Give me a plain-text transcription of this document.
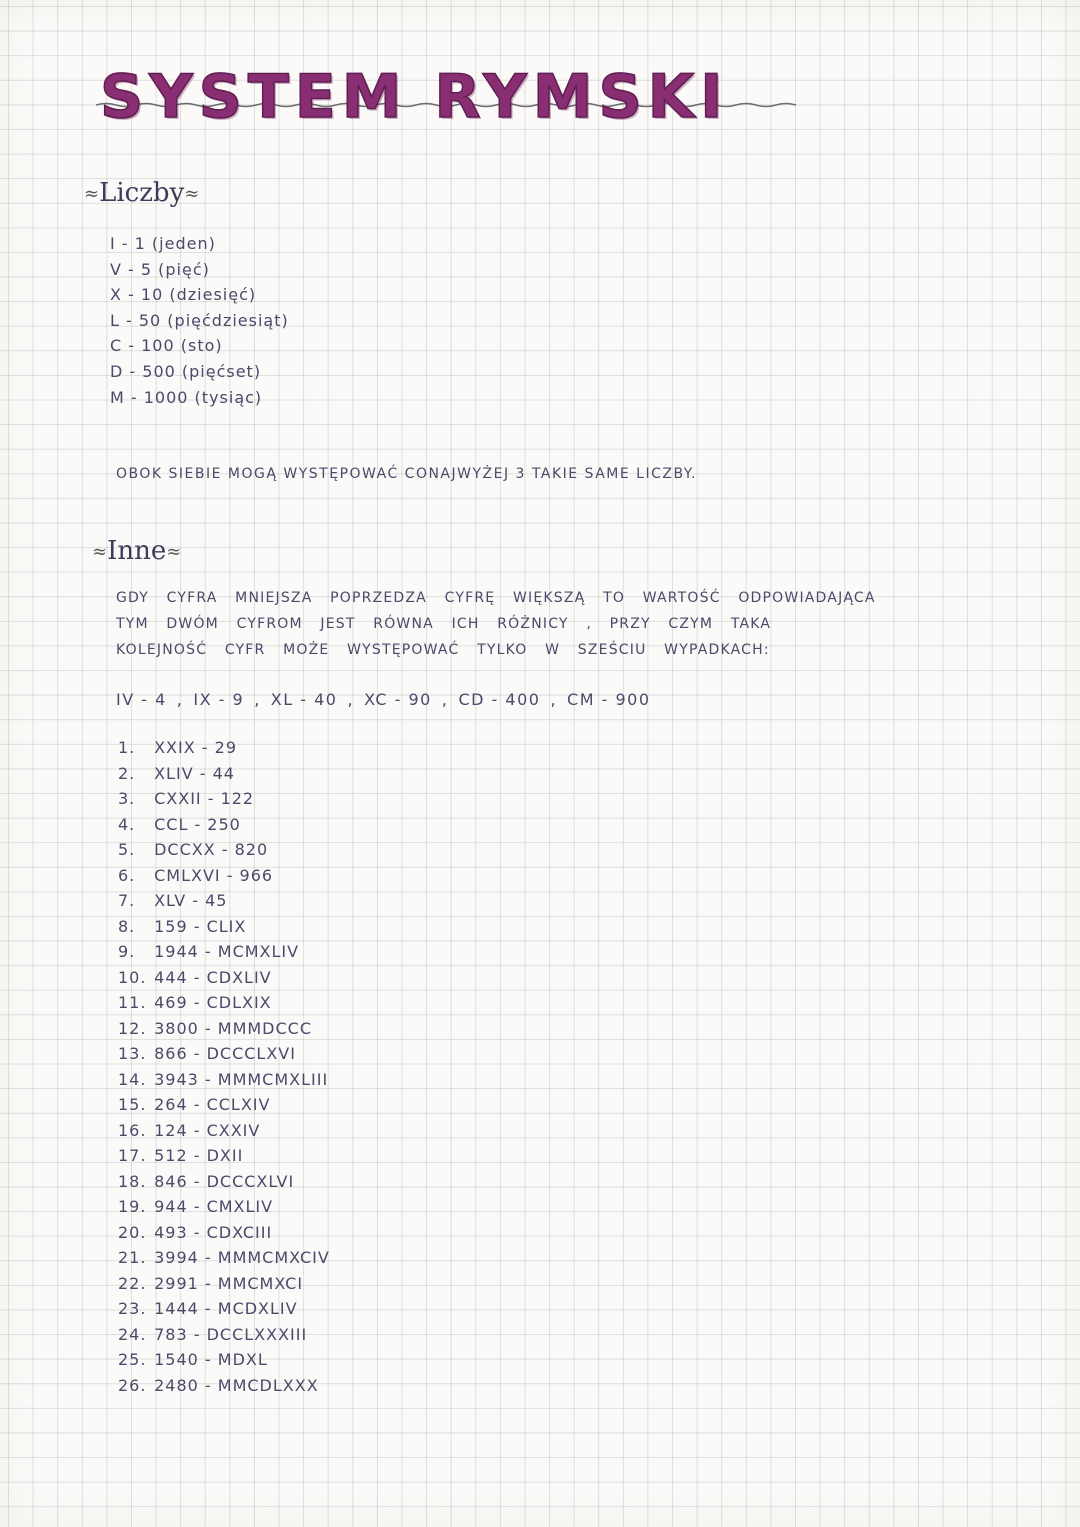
SYSTEM RYMSKI
≈Liczby≈
I - 1 (jeden)
V - 5 (pięć)
X - 10 (dziesięć)
L - 50 (pięćdziesiąt)
C - 100 (sto)
D - 500 (pięćset)
M - 1000 (tysiąc)
OBOK SIEBIE MOGĄ WYSTĘPOWAĆ CONAJWYŻEJ 3 TAKIE SAME LICZBY.
≈Inne≈
GDY CYFRA MNIEJSZA POPRZEDZA CYFRĘ WIĘKSZĄ TO WARTOŚĆ ODPOWIADAJĄCA
TYM DWÓM CYFROM JEST RÓWNA ICH RÓŻNICY , PRZY CZYM TAKA
KOLEJNOŚĆ CYFR MOŻE WYSTĘPOWAĆ TYLKO W SZEŚCIU WYPADKACH:
IV - 4 , IX - 9 , XL - 40 , XC - 90 , CD - 400 , CM - 900
1. XXIX - 29
2. XLIV - 44
3. CXXII - 122
4. CCL - 250
5. DCCXX - 820
6. CMLXVI - 966
7. XLV - 45
8. 159 - CLIX
9. 1944 - MCMXLIV
10. 444 - CDXLIV
11. 469 - CDLXIX
12. 3800 - MMMDCCC
13. 866 - DCCCLXVI
14. 3943 - MMMCMXLIII
15. 264 - CCLXIV
16. 124 - CXXIV
17. 512 - DXII
18. 846 - DCCCXLVI
19. 944 - CMXLIV
20. 493 - CDXCIII
21. 3994 - MMMCMXCIV
22. 2991 - MMCMXCI
23. 1444 - MCDXLIV
24. 783 - DCCLXXXIII
25. 1540 - MDXL
26. 2480 - MMCDLXXX
